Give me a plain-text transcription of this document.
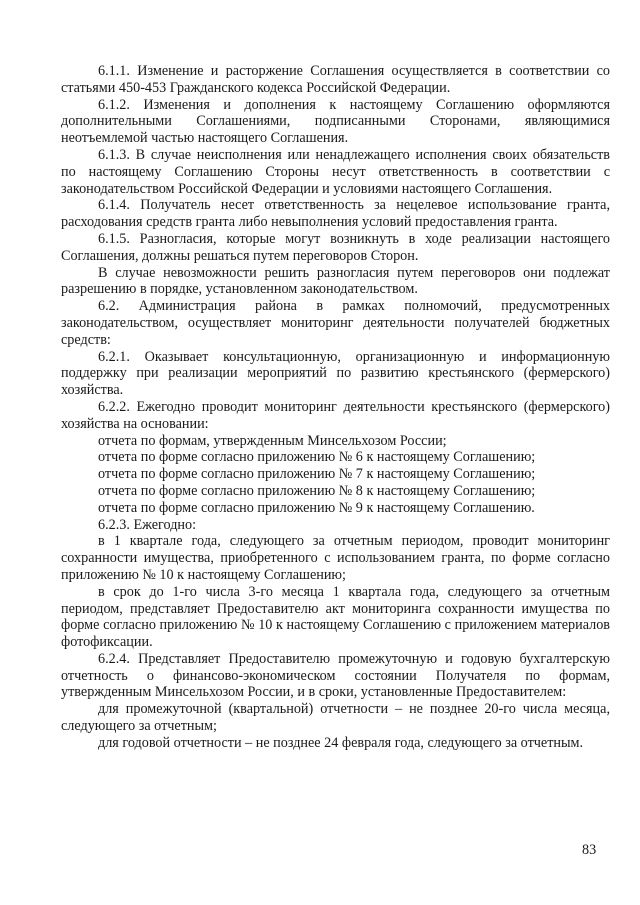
6.1.1. Изменение и расторжение Соглашения осуществляется в соответствии со статьями 450-453 Гражданского кодекса Российской Федерации.

6.1.2. Изменения и дополнения к настоящему Соглашению оформляются дополнительными Соглашениями, подписанными Сторонами, являющимися неотъемлемой частью настоящего Соглашения.

6.1.3. В случае неисполнения или ненадлежащего исполнения своих обязательств по настоящему Соглашению Стороны несут ответственность в соответствии с законодательством Российской Федерации и условиями настоящего Соглашения.

6.1.4. Получатель несет ответственность за нецелевое использование гранта, расходования средств гранта либо невыполнения условий предоставления гранта.

6.1.5. Разногласия, которые могут возникнуть в ходе реализации настоящего Соглашения, должны решаться путем переговоров Сторон.

В случае невозможности решить разногласия путем переговоров они подлежат разрешению в порядке, установленном законодательством.

6.2. Администрация района в рамках полномочий, предусмотренных законодательством, осуществляет мониторинг деятельности получателей бюджетных средств:

6.2.1. Оказывает консультационную, организационную и информационную поддержку при реализации мероприятий по развитию крестьянского (фермерского) хозяйства.

6.2.2. Ежегодно проводит мониторинг деятельности крестьянского (фермерского) хозяйства на основании:

отчета по формам, утвержденным Минсельхозом России;

отчета по форме согласно приложению № 6 к настоящему Соглашению;

отчета по форме согласно приложению № 7 к настоящему Соглашению;

отчета по форме согласно приложению № 8 к настоящему Соглашению;

отчета по форме согласно приложению № 9 к настоящему Соглашению.

6.2.3. Ежегодно:

в 1 квартале года, следующего за отчетным периодом, проводит мониторинг сохранности имущества, приобретенного с использованием гранта, по форме согласно приложению № 10 к настоящему Соглашению;

в срок до 1-го числа 3-го месяца 1 квартала года, следующего за отчетным периодом, представляет Предоставителю акт мониторинга сохранности имущества по форме согласно приложению № 10 к настоящему Соглашению с приложением материалов фотофиксации.

6.2.4. Представляет Предоставителю промежуточную и годовую бухгалтерскую отчетность о финансово-экономическом состоянии Получателя по формам, утвержденным Минсельхозом России, и в сроки, установленные Предоставителем:

для промежуточной (квартальной) отчетности – не позднее 20-го числа месяца, следующего за отчетным;

для годовой отчетности – не позднее 24 февраля года, следующего за отчетным.

83
